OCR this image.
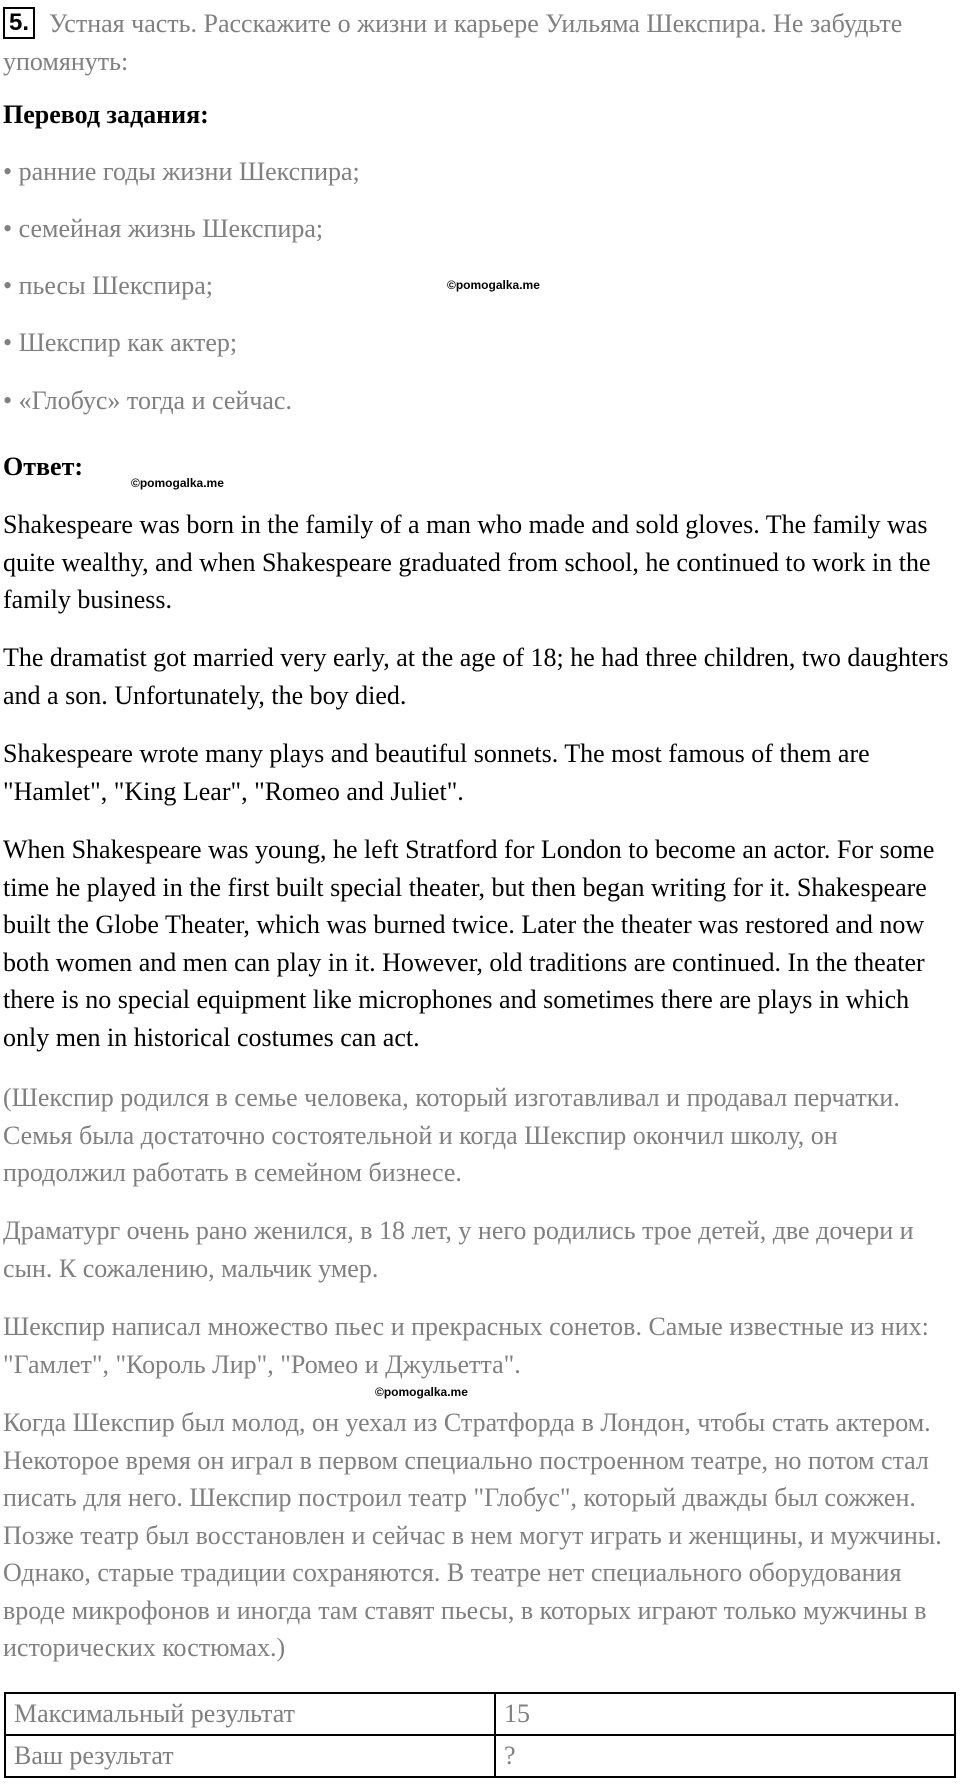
5. Устная часть. Расскажите о жизни и карьере Уильяма Шекспира. Не забудьте упомянуть:
Перевод задания:
• ранние годы жизни Шекспира;
• семейная жизнь Шекспира;
• пьесы Шекспира;
• Шекспир как актер;
• «Глобус» тогда и сейчас.
©pomogalka.me
Ответ:
©pomogalka.me

Shakespeare was born in the family of a man who made and sold gloves. The family was quite wealthy, and when Shakespeare graduated from school, he continued to work in the family business.

The dramatist got married very early, at the age of 18; he had three children, two daughters and a son. Unfortunately, the boy died.

Shakespeare wrote many plays and beautiful sonnets. The most famous of them are "Hamlet", "King Lear", "Romeo and Juliet".

When Shakespeare was young, he left Stratford for London to become an actor. For some time he played in the first built special theater, but then began writing for it. Shakespeare built the Globe Theater, which was burned twice. Later the theater was restored and now both women and men can play in it. However, old traditions are continued. In the theater there is no special equipment like microphones and sometimes there are plays in which only men in historical costumes can act.

(Шекспир родился в семье человека, который изготавливал и продавал перчатки. Семья была достаточно состоятельной и когда Шекспир окончил школу, он продолжил работать в семейном бизнесе.

Драматург очень рано женился, в 18 лет, у него родились трое детей, две дочери и сын. К сожалению, мальчик умер.

Шекспир написал множество пьес и прекрасных сонетов. Самые известные из них: "Гамлет", "Король Лир", "Ромео и Джульетта".

©pomogalka.me

Когда Шекспир был молод, он уехал из Стратфорда в Лондон, чтобы стать актером. Некоторое время он играл в первом специально построенном театре, но потом стал писать для него. Шекспир построил театр "Глобус", который дважды был сожжен. Позже театр был восстановлен и сейчас в нем могут играть и женщины, и мужчины. Однако, старые традиции сохраняются. В театре нет специального оборудования вроде микрофонов и иногда там ставят пьесы, в которых играют только мужчины в исторических костюмах.)

Максимальный результат	15
Ваш результат	?
